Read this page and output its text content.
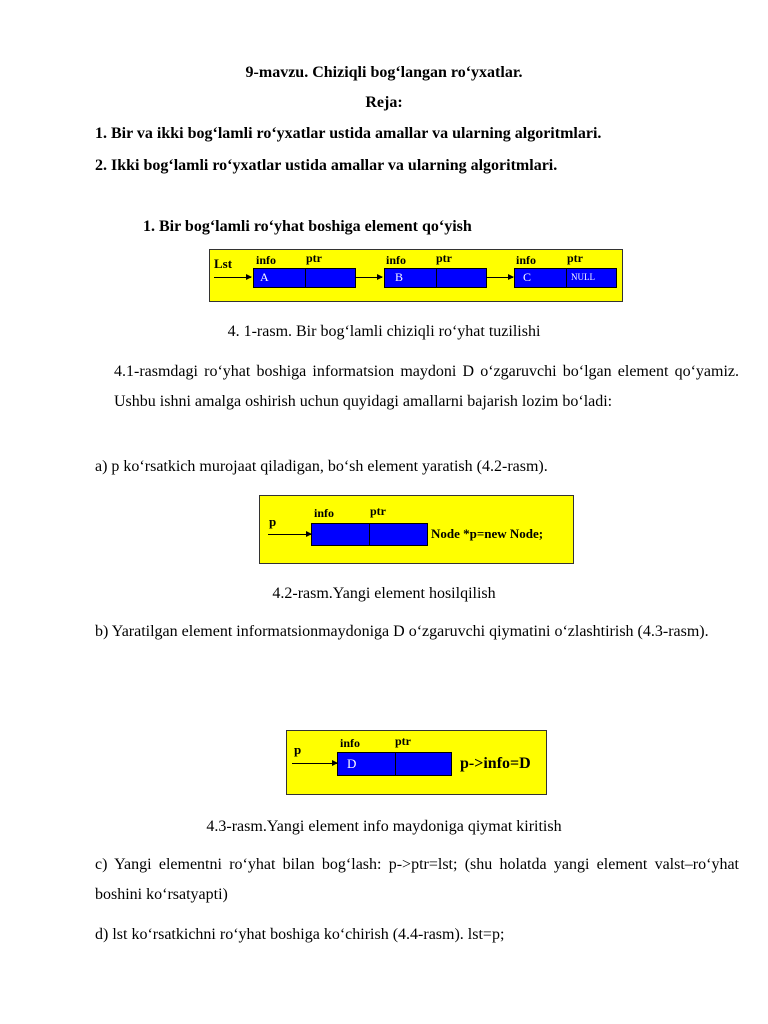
9-mavzu. Chiziqli bog‘langan ro‘yxatlar.
Reja:
1. Bir va ikki bog‘lamli ro‘yxatlar ustida amallar va ularning algoritmlari.
2. Ikki bog‘lamli ro‘yxatlar ustida amallar va ularning algoritmlari.
1. Bir bog‘lamli ro‘yhat boshiga element qo‘yish
Lst info ptr
A
info ptr
B
info	ptr
C	NULL
4. 1-rasm. Bir bog‘lamli chiziqli ro‘yhat tuzilishi
4.1-rasmdagi ro‘yhat boshiga informatsion maydoni D o‘zgaruvchi bo‘lgan element qo‘yamiz. Ushbu ishni amalga oshirish uchun quyidagi amallarni bajarish lozim bo‘ladi:
a) p ko‘rsatkich murojaat qiladigan, bo‘sh element yaratish (4.2-rasm).
p
info	ptr
Node *p=new Node;
4.2-rasm.Yangi element hosilqilish
b) Yaratilgan element informatsionmaydoniga D o‘zgaruvchi qiymatini o‘zlashtirish (4.3-rasm).
p	info	ptr
D	p->info=D
4.3-rasm.Yangi element info maydoniga qiymat kiritish
c) Yangi elementni ro‘yhat bilan bog‘lash: p->ptr=lst; (shu holatda yangi element valst–ro‘yhat boshini ko‘rsatyapti)
d) lst ko‘rsatkichni ro‘yhat boshiga ko‘chirish (4.4-rasm). lst=p;
